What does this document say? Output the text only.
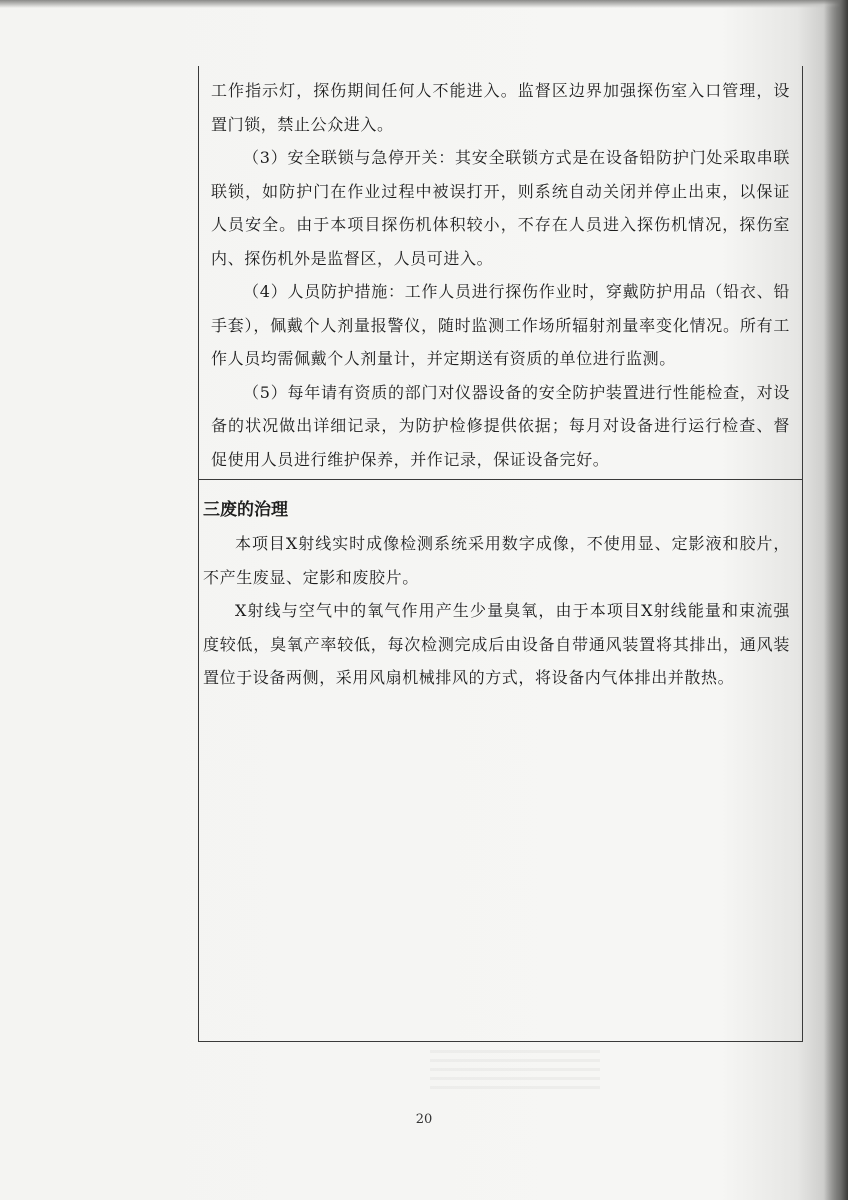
工作指示灯，探伤期间任何人不能进入。监督区边界加强探伤室入口管理，设置门锁，禁止公众进入。

（3）安全联锁与急停开关：其安全联锁方式是在设备铅防护门处采取串联联锁，如防护门在作业过程中被误打开，则系统自动关闭并停止出束，以保证人员安全。由于本项目探伤机体积较小，不存在人员进入探伤机情况，探伤室内、探伤机外是监督区，人员可进入。

（4）人员防护措施：工作人员进行探伤作业时，穿戴防护用品（铅衣、铅手套），佩戴个人剂量报警仪，随时监测工作场所辐射剂量率变化情况。所有工作人员均需佩戴个人剂量计，并定期送有资质的单位进行监测。

（5）每年请有资质的部门对仪器设备的安全防护装置进行性能检查，对设备的状况做出详细记录，为防护检修提供依据；每月对设备进行运行检查、督促使用人员进行维护保养，并作记录，保证设备完好。

三废的治理

本项目X射线实时成像检测系统采用数字成像，不使用显、定影液和胶片，不产生废显、定影和废胶片。

X射线与空气中的氧气作用产生少量臭氧，由于本项目X射线能量和束流强度较低，臭氧产率较低，每次检测完成后由设备自带通风装置将其排出，通风装置位于设备两侧，采用风扇机械排风的方式，将设备内气体排出并散热。

20
